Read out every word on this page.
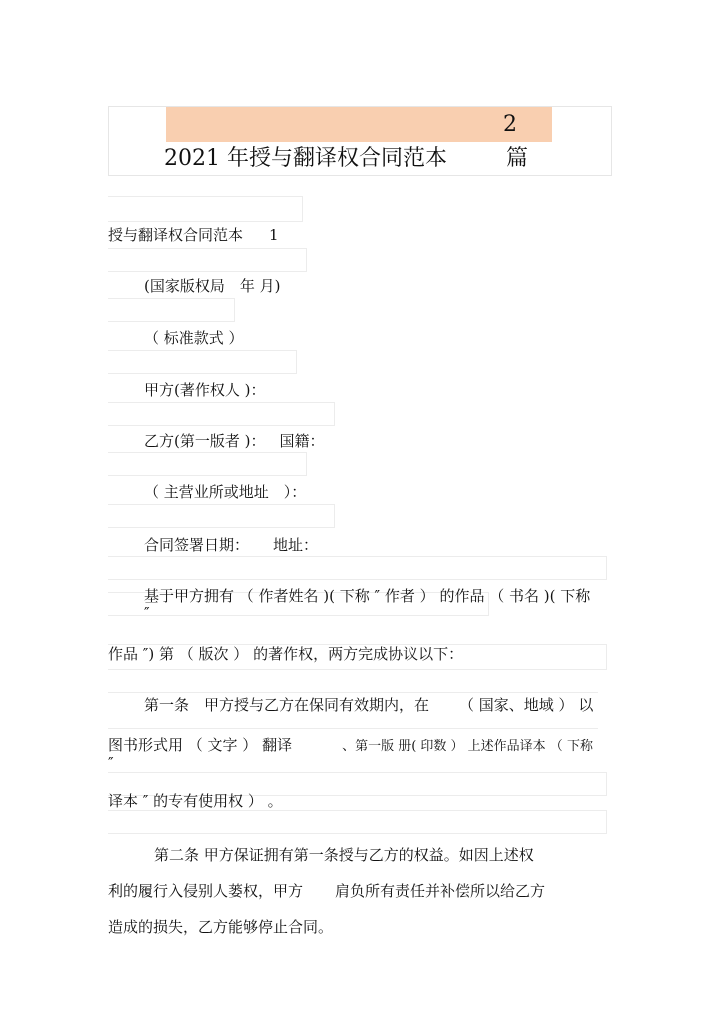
2
2021 年授与翻译权合同范本	篇
授与翻译权合同范本 1
(国家版权局　年 月)
（ 标准款式 ）
甲方(著作权人 )：
乙方(第一版者 )： 国籍：
（ 主营业所或地址　）：
合同签署日期： 地址：
基于甲方拥有 （ 作者姓名 )( 下称 ″ 作者 ） 的作品 （ 书名 )( 下称
″
作品 ″) 第 （ 版次 ） 的著作权，两方完成协议以下：
第一条　甲方授与乙方在保同有效期内，在 （ 国家、地域 ） 以
图书形式用 （ 文字 ） 翻译	、第一版 册( 印数 ） 上述作品译本 （ 下称
″
译本 ″ 的专有使用权 ） 。
第二条 甲方保证拥有第一条授与乙方的权益。如因上述权
利的履行入侵别人蒌权，甲方 肩负所有责任并补偿所以给乙方
造成的损失，乙方能够停止合同。
